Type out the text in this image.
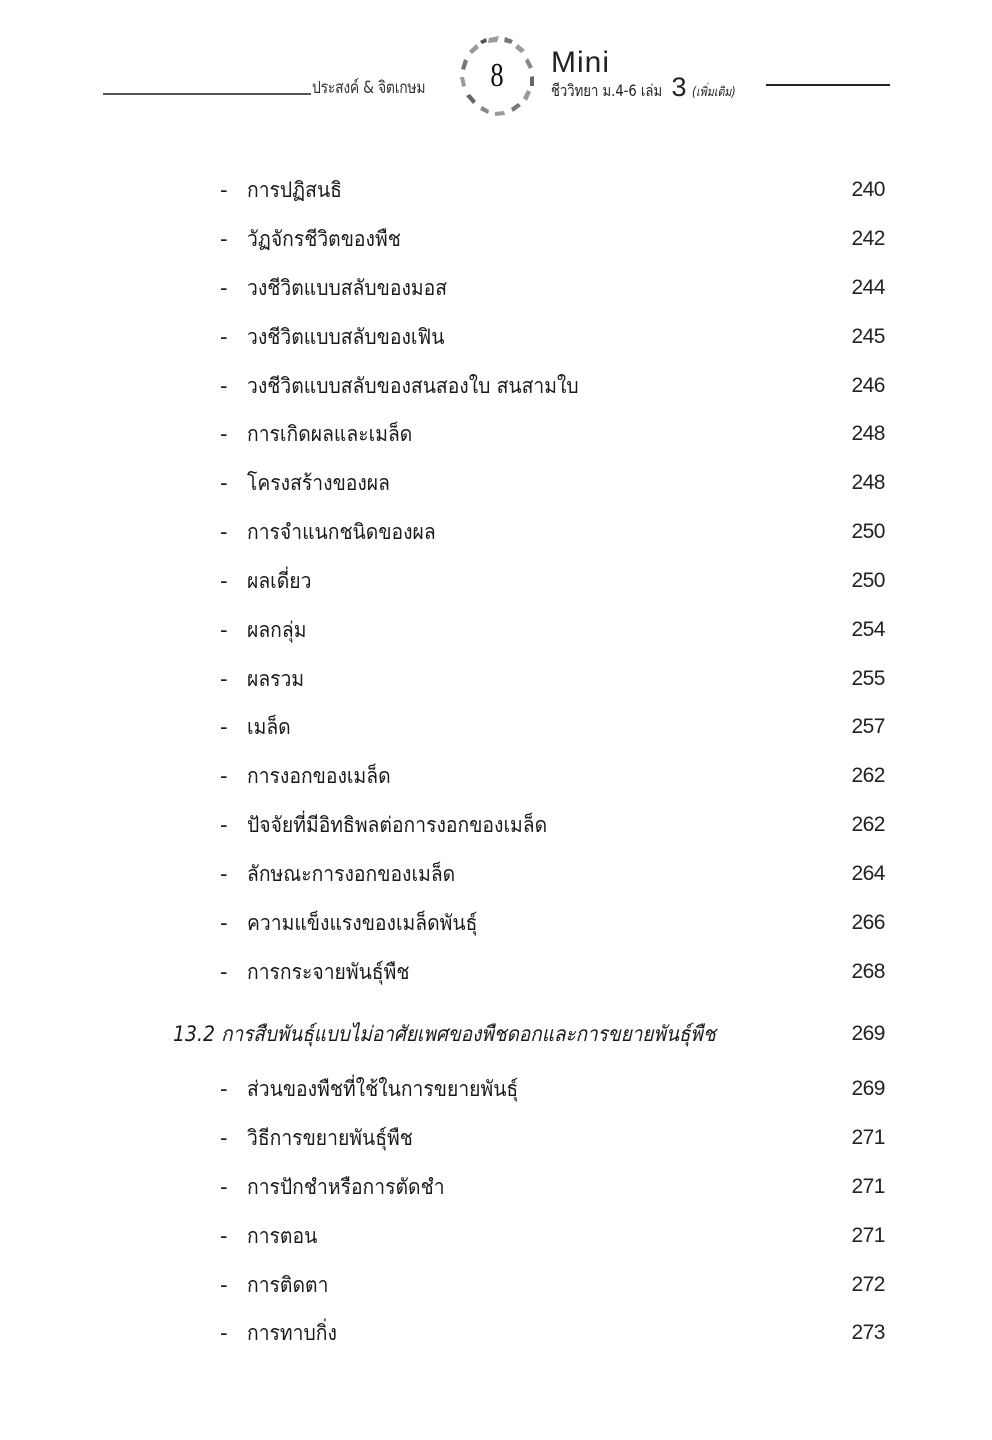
ประสงค์ & จิตเกษม	8	Mini
ชีววิทยา ม.4-6 เล่ม 3 (เพิ่มเติม)
- การปฏิสนธิ	240
- วัฏจักรชีวิตของพืช	242
- วงชีวิตแบบสลับของมอส	244
- วงชีวิตแบบสลับของเฟิน	245
- วงชีวิตแบบสลับของสนสองใบ สนสามใบ	246
- การเกิดผลและเมล็ด	248
- โครงสร้างของผล	248
- การจำแนกชนิดของผล	250
- ผลเดี่ยว	250
- ผลกลุ่ม	254
- ผลรวม	255
- เมล็ด	257
- การงอกของเมล็ด	262
- ปัจจัยที่มีอิทธิพลต่อการงอกของเมล็ด	262
- ลักษณะการงอกของเมล็ด	264
- ความแข็งแรงของเมล็ดพันธุ์	266
- การกระจายพันธุ์พืช	268
13.2 การสืบพันธุ์แบบไม่อาศัยเพศของพืชดอกและการขยายพันธุ์พืช	269
- ส่วนของพืชที่ใช้ในการขยายพันธุ์	269
- วิธีการขยายพันธุ์พืช	271
- การปักชำหรือการตัดชำ	271
- การตอน	271
- การติดตา	272
- การทาบกิ่ง	273
